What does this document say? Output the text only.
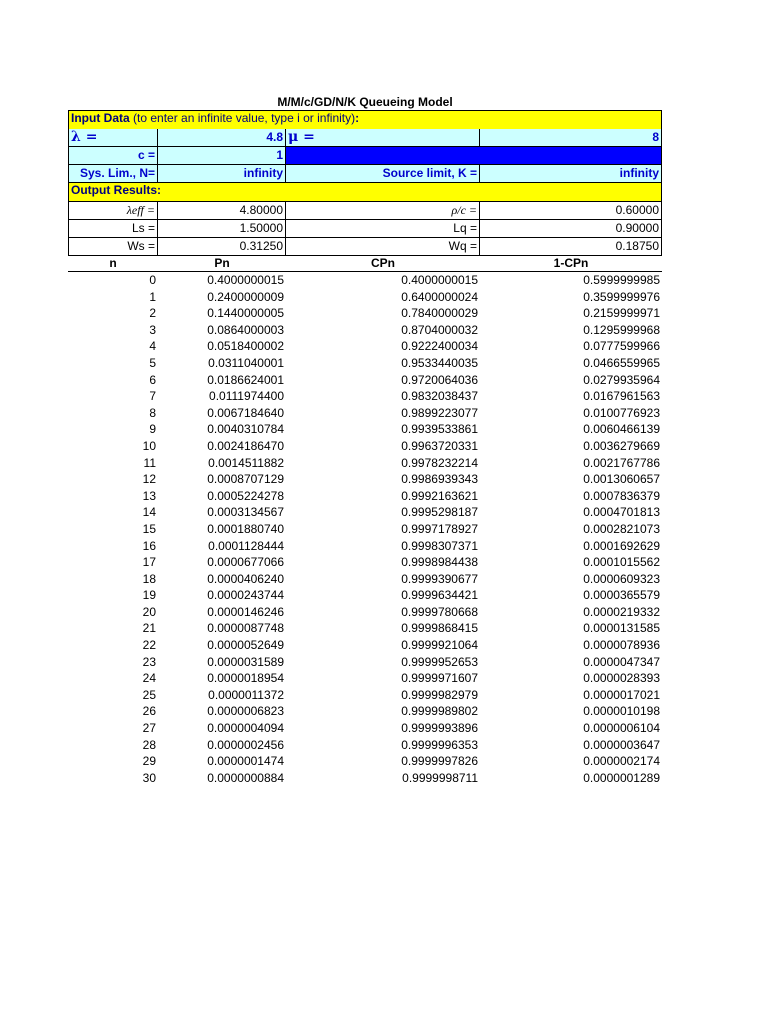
M/M/c/GD/N/K Queueing Model
Input Data (to enter an infinite value, type i or infinity):
λ =	4.8 μ =	8
c =	1
Sys. Lim., N=	infinity	Source limit, K =	infinity
Output Results:
λeff =	4.80000	ρ/c =	0.60000
Ls =	1.50000	Lq =	0.90000
Ws =	0.31250	Wq =	0.18750
n	Pn	CPn	1-CPn
0	0.4000000015	0.4000000015	0.5999999985
1	0.2400000009	0.6400000024	0.3599999976
2	0.1440000005	0.7840000029	0.2159999971
3	0.0864000003	0.8704000032	0.1295999968
4	0.0518400002	0.9222400034	0.0777599966
5	0.0311040001	0.9533440035	0.0466559965
6	0.0186624001	0.9720064036	0.0279935964
7	0.0111974400	0.9832038437	0.0167961563
8	0.0067184640	0.9899223077	0.0100776923
9	0.0040310784	0.9939533861	0.0060466139
10	0.0024186470	0.9963720331	0.0036279669
11	0.0014511882	0.9978232214	0.0021767786
12	0.0008707129	0.9986939343	0.0013060657
13	0.0005224278	0.9992163621	0.0007836379
14	0.0003134567	0.9995298187	0.0004701813
15	0.0001880740	0.9997178927	0.0002821073
16	0.0001128444	0.9998307371	0.0001692629
17	0.0000677066	0.9998984438	0.0001015562
18	0.0000406240	0.9999390677	0.0000609323
19	0.0000243744	0.9999634421	0.0000365579
20	0.0000146246	0.9999780668	0.0000219332
21	0.0000087748	0.9999868415	0.0000131585
22	0.0000052649	0.9999921064	0.0000078936
23	0.0000031589	0.9999952653	0.0000047347
24	0.0000018954	0.9999971607	0.0000028393
25	0.0000011372	0.9999982979	0.0000017021
26	0.0000006823	0.9999989802	0.0000010198
27	0.0000004094	0.9999993896	0.0000006104
28	0.0000002456	0.9999996353	0.0000003647
29	0.0000001474	0.9999997826	0.0000002174
30	0.0000000884	0.9999998711	0.0000001289
